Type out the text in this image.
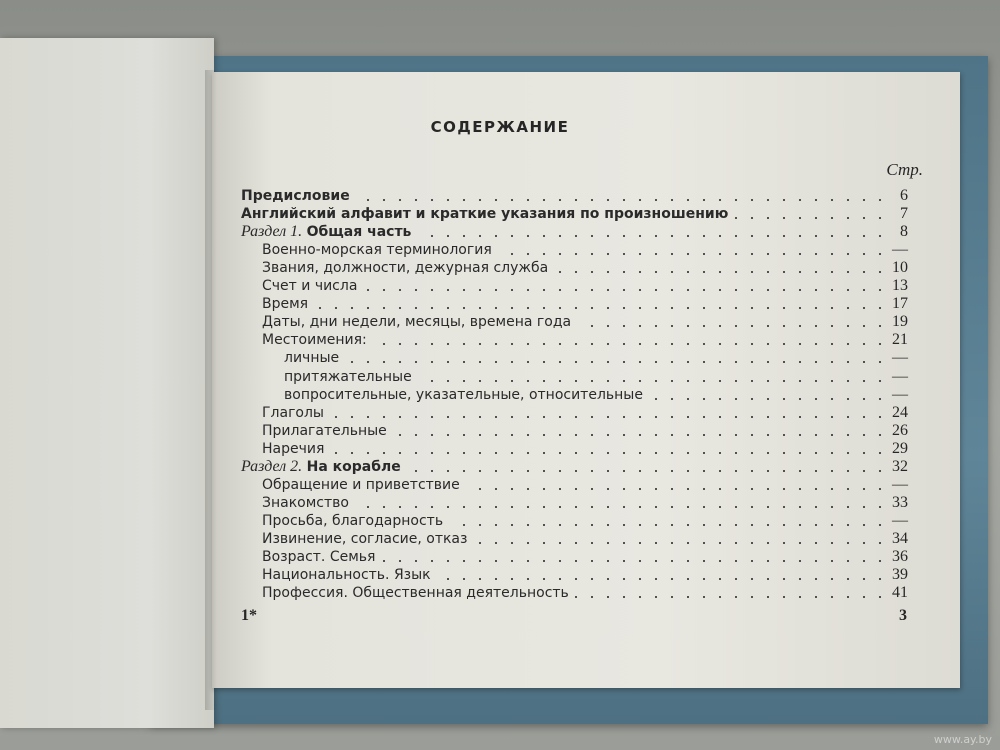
СОДЕРЖАНИЕ
Стр.
Предисловие	6
Английский алфавит и краткие указания по произношению	7
Раздел 1. Общая часть	8
Военно-морская терминология	—
Звания, должности, дежурная служба	10
Счет и числа	13
Время	17
Даты, дни недели, месяцы, времена года	19
Местоимения:	21
личные	—
притяжательные	—
вопросительные, указательные, относительные	—
Глаголы	24
Прилагательные	26
Наречия	29
Раздел 2. На корабле	32
Обращение и приветствие	—
Знакомство	33
Просьба, благодарность	—
Извинение, согласие, отказ	34
Возраст. Семья	36
Национальность. Язык	39
Профессия. Общественная деятельность	41
1*	3
www.ay.by
